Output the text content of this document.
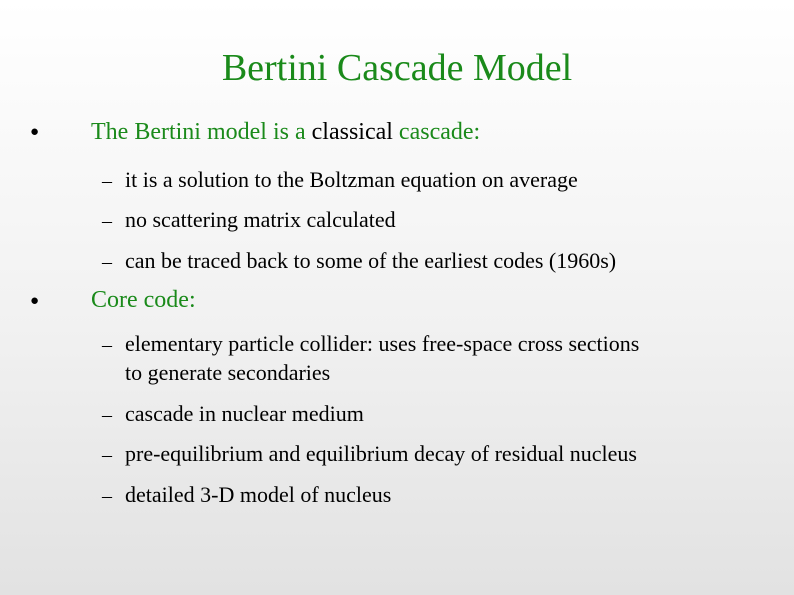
Bertini Cascade Model
● The Bertini model is a classical cascade:
– it is a solution to the Boltzman equation on average
– no scattering matrix calculated
– can be traced back to some of the earliest codes (1960s)
● Core code:
– elementary particle collider: uses free-space cross sections
to generate secondaries
– cascade in nuclear medium
– pre-equilibrium and equilibrium decay of residual nucleus
– detailed 3-D model of nucleus
